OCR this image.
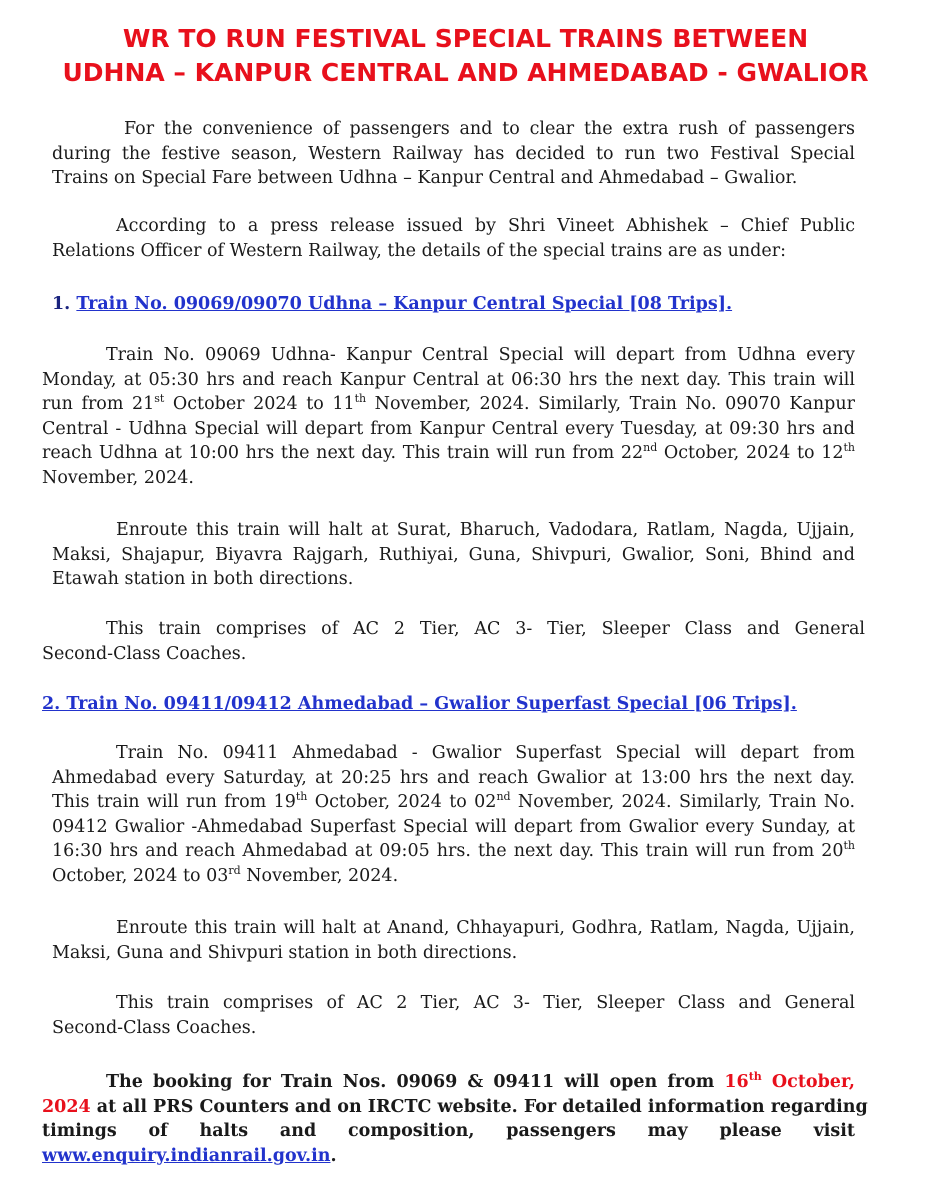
WR TO RUN FESTIVAL SPECIAL TRAINS BETWEEN
UDHNA – KANPUR CENTRAL AND AHMEDABAD - GWALIOR
For the convenience of passengers and to clear the extra rush of passengers
during the festive season, Western Railway has decided to run two Festival Special
Trains on Special Fare between Udhna – Kanpur Central and Ahmedabad – Gwalior.
According to a press release issued by Shri Vineet Abhishek – Chief Public
Relations Officer of Western Railway, the details of the special trains are as under:
1. Train No. 09069/09070 Udhna – Kanpur Central Special [08 Trips].
Train No. 09069 Udhna- Kanpur Central Special will depart from Udhna every
Monday, at 05:30 hrs and reach Kanpur Central at 06:30 hrs the next day. This train will
run from 21st October 2024 to 11th November, 2024. Similarly, Train No. 09070 Kanpur
Central - Udhna Special will depart from Kanpur Central every Tuesday, at 09:30 hrs and
reach Udhna at 10:00 hrs the next day. This train will run from 22nd October, 2024 to 12th
November, 2024.
Enroute this train will halt at Surat, Bharuch, Vadodara, Ratlam, Nagda, Ujjain,
Maksi, Shajapur, Biyavra Rajgarh, Ruthiyai, Guna, Shivpuri, Gwalior, Soni, Bhind and
Etawah station in both directions.
This train comprises of AC 2 Tier, AC 3- Tier, Sleeper Class and General
Second-Class Coaches.
2. Train No. 09411/09412 Ahmedabad – Gwalior Superfast Special [06 Trips].
Train No. 09411 Ahmedabad - Gwalior Superfast Special will depart from
Ahmedabad every Saturday, at 20:25 hrs and reach Gwalior at 13:00 hrs the next day.
This train will run from 19th October, 2024 to 02nd November, 2024. Similarly, Train No.
09412 Gwalior -Ahmedabad Superfast Special will depart from Gwalior every Sunday, at
16:30 hrs and reach Ahmedabad at 09:05 hrs. the next day. This train will run from 20th
October, 2024 to 03rd November, 2024.
Enroute this train will halt at Anand, Chhayapuri, Godhra, Ratlam, Nagda, Ujjain,
Maksi, Guna and Shivpuri station in both directions.
This train comprises of AC 2 Tier, AC 3- Tier, Sleeper Class and General
Second-Class Coaches.
The booking for Train Nos. 09069 & 09411 will open from 16th October,
2024 at all PRS Counters and on IRCTC website. For detailed information regarding
timings of halts and composition, passengers may please visit
www.enquiry.indianrail.gov.in.
